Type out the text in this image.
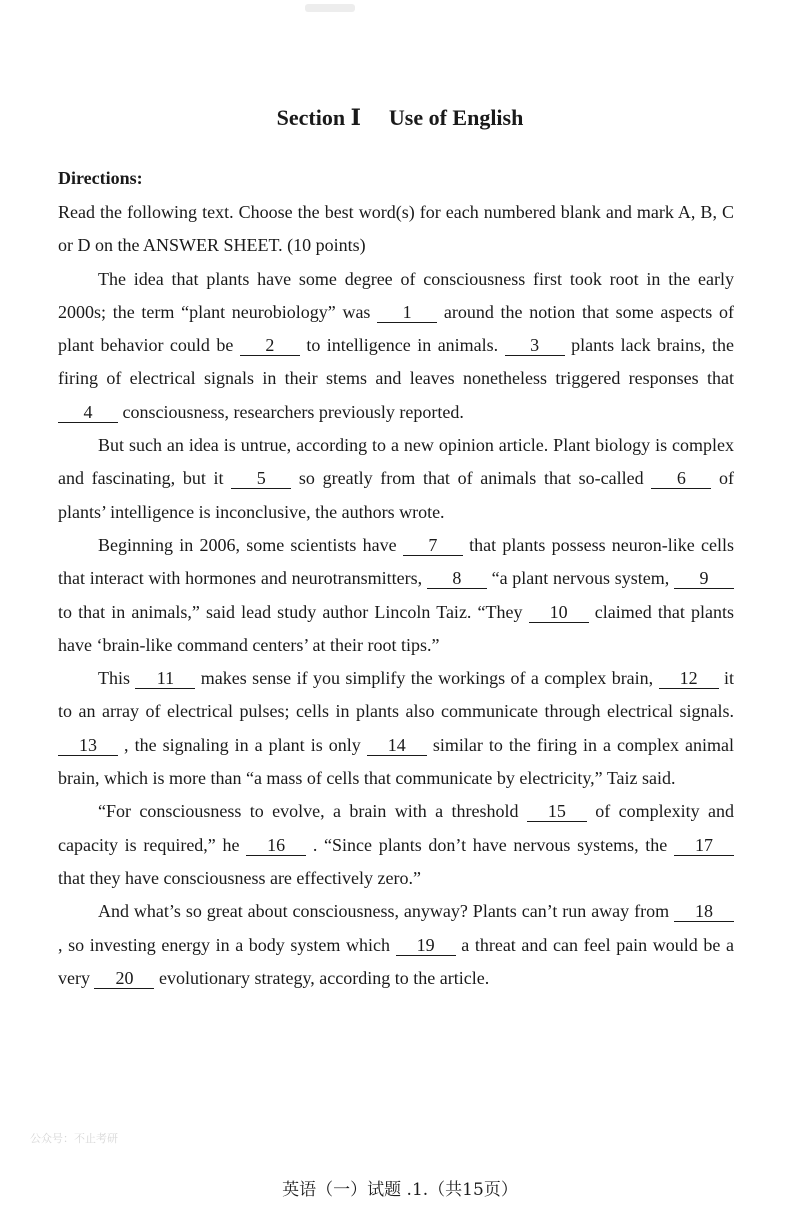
Section Ⅰ Use of English
Directions:

Read the following text. Choose the best word(s) for each numbered blank and mark A, B, C or D on the ANSWER SHEET. (10 points)

The idea that plants have some degree of consciousness first took root in the early 2000s; the term “plant neurobiology” was 1 around the notion that some aspects of plant behavior could be 2 to intelligence in animals. 3 plants lack brains, the firing of electrical signals in their stems and leaves nonetheless triggered responses that 4 consciousness, researchers previously reported.

But such an idea is untrue, according to a new opinion article. Plant biology is complex and fascinating, but it 5 so greatly from that of animals that so-called 6 of plants’ intelligence is inconclusive, the authors wrote.

Beginning in 2006, some scientists have 7 that plants possess neuron-like cells that interact with hormones and neurotransmitters, 8 “a plant nervous system, 9 to that in animals,” said lead study author Lincoln Taiz. “They 10 claimed that plants have ‘brain-like command centers’ at their root tips.”

This 11 makes sense if you simplify the workings of a complex brain, 12 it to an array of electrical pulses; cells in plants also communicate through electrical signals. 13 , the signaling in a plant is only 14 similar to the firing in a complex animal brain, which is more than “a mass of cells that communicate by electricity,” Taiz said.

“For consciousness to evolve, a brain with a threshold 15 of complexity and capacity is required,” he 16 . “Since plants don’t have nervous systems, the 17 that they have consciousness are effectively zero.”

And what’s so great about consciousness, anyway? Plants can’t run away from 18 , so investing energy in a body system which 19 a threat and can feel pain would be a very 20 evolutionary strategy, according to the article.

公众号：不止考研
英语（一）试题 .1.（共15页）
